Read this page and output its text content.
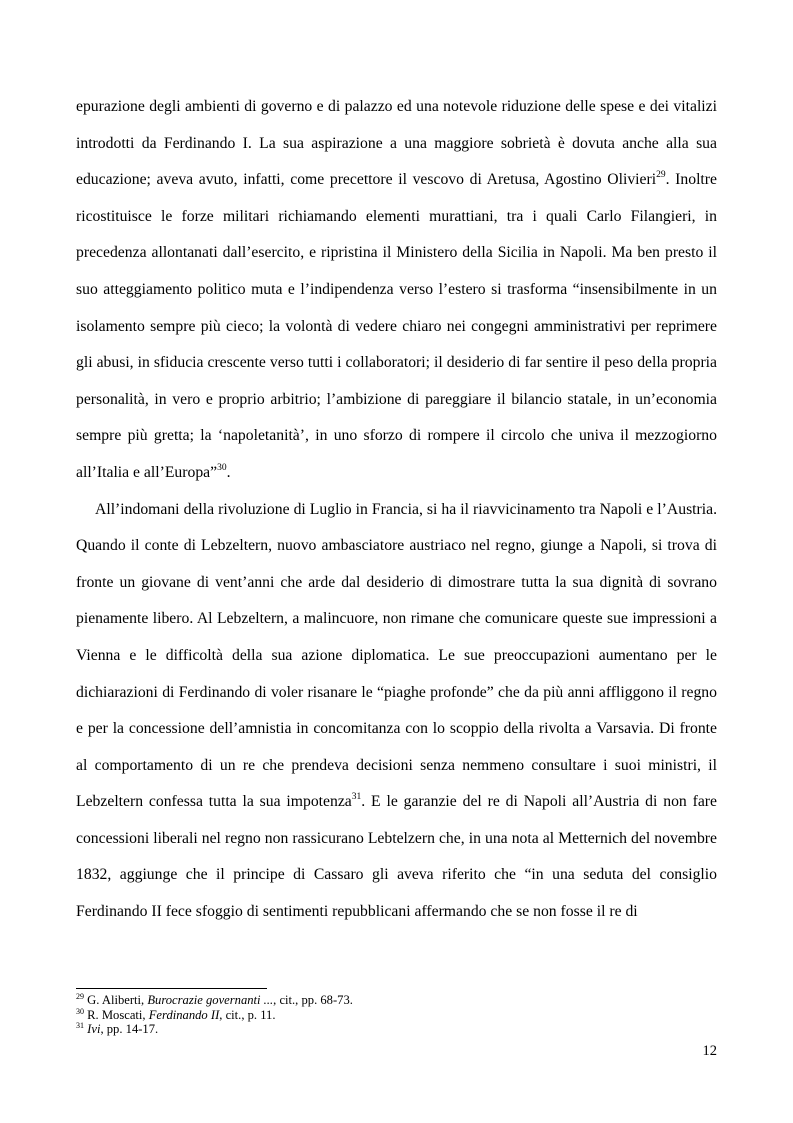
epurazione degli ambienti di governo e di palazzo ed una notevole riduzione delle spese e dei vitalizi introdotti da Ferdinando I. La sua aspirazione a una maggiore sobrietà è dovuta anche alla sua educazione; aveva avuto, infatti, come precettore il vescovo di Aretusa, Agostino Olivieri$^{29}$. Inoltre ricostituisce le forze militari richiamando elementi murattiani, tra i quali Carlo Filangieri, in precedenza allontanati dall’esercito, e ripristina il Ministero della Sicilia in Napoli. Ma ben presto il suo atteggiamento politico muta e l’indipendenza verso l’estero si trasforma “insensibilmente in un isolamento sempre più cieco; la volontà di vedere chiaro nei congegni amministrativi per reprimere gli abusi, in sfiducia crescente verso tutti i collaboratori; il desiderio di far sentire il peso della propria personalità, in vero e proprio arbitrio; l’ambizione di pareggiare il bilancio statale, in un’economia sempre più gretta; la ‘napoletanità’, in uno sforzo di rompere il circolo che univa il mezzogiorno all’Italia e all’Europa”$^{30}$.

All’indomani della rivoluzione di Luglio in Francia, si ha il riavvicinamento tra Napoli e l’Austria. Quando il conte di Lebzeltern, nuovo ambasciatore austriaco nel regno, giunge a Napoli, si trova di fronte un giovane di vent’anni che arde dal desiderio di dimostrare tutta la sua dignità di sovrano pienamente libero. Al Lebzeltern, a malincuore, non rimane che comunicare queste sue impressioni a Vienna e le difficoltà della sua azione diplomatica. Le sue preoccupazioni aumentano per le dichiarazioni di Ferdinando di voler risanare le “piaghe profonde” che da più anni affliggono il regno e per la concessione dell’amnistia in concomitanza con lo scoppio della rivolta a Varsavia. Di fronte al comportamento di un re che prendeva decisioni senza nemmeno consultare i suoi ministri, il Lebzeltern confessa tutta la sua impotenza$^{31}$. E le garanzie del re di Napoli all’Austria di non fare concessioni liberali nel regno non rassicurano Lebtelzern che, in una nota al Metternich del novembre 1832, aggiunge che il principe di Cassaro gli aveva riferito che “in una seduta del consiglio Ferdinando II fece sfoggio di sentimenti repubblicani affermando che se non fosse il re di

$^{29}$ G. Aliberti, Burocrazie governanti ..., cit., pp. 68-73.

$^{30}$ R. Moscati, Ferdinando II, cit., p. 11.

$^{31}$ Ivi, pp. 14-17.

12
